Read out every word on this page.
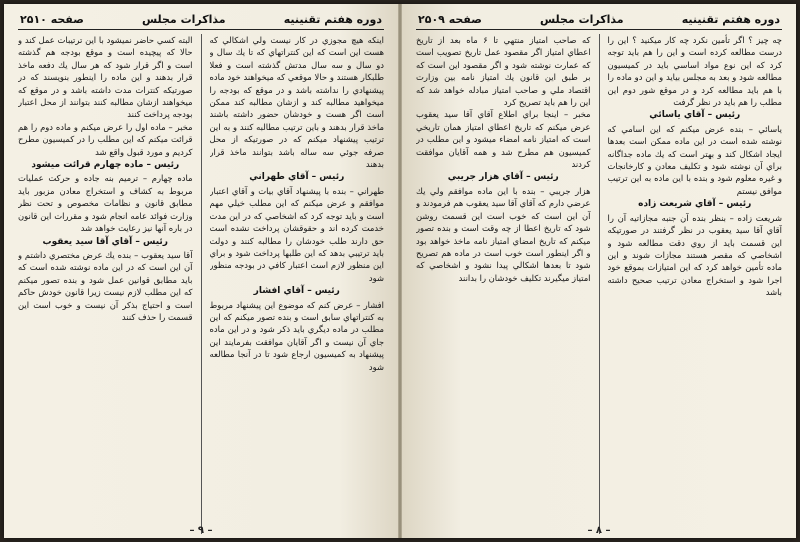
دوره هفتم تقنينيه
مذاكرات مجلس
صفحه ۲۵۱۰

اينكه هيچ مجوزي در كار نيست ولي اشكالي كه هست اين است كه اين كنتراتهاي كه تا يك سال و دو سال و سه سال مدتش گذشته است و فعلا طلبكار هستند و حالا موقعي كه ميخواهند خود ماده پيشنهادي را نداشته باشد و در موقع كه بودجه را ميخواهيد مطالبه كند و ازشان مطالبه كند ممكن است اگر هست و خودشان حضور داشته باشند ماخذ قرار بدهند و باين ترتيب مطالبه كنند و به اين ترتيب پيشنهاد ميكنم كه در صورتيكه از محل صرفه جوئي سه ساله باشد بتوانند ماخذ قرار بدهند

رئيس – آقاي طهراني

طهراني – بنده با پيشنهاد آقاي بيات و آقاي اعتبار موافقم و عرض ميكنم كه اين مطلب خيلي مهم است و بايد توجه كرد كه اشخاصي كه در اين مدت خدمت كرده اند و حقوقشان پرداخت نشده است حق دارند طلب خودشان را مطالبه كنند و دولت بايد ترتيبي بدهد كه اين طلبها پرداخت شود و براي اين منظور لازم است اعتبار كافي در بودجه منظور شود

رئيس – آقاي افشار

افشار – عرض كنم كه موضوع اين پيشنهاد مربوط به كنتراتهاي سابق است و بنده تصور ميكنم كه اين مطلب در ماده ديگري بايد ذكر شود و در اين ماده جاي آن نيست و اگر آقايان موافقت بفرمايند اين پيشنهاد به كميسيون ارجاع شود تا در آنجا مطالعه شود

البته كسي حاضر نميشود با اين ترتيبات عمل كند و حالا كه پيچيده است و موقع بودجه هم گذشته است و اگر قرار شود كه هر سال يك دفعه ماخذ قرار بدهند و اين ماده را اينطور بنويسند كه در صورتيكه كنترات مدت داشته باشد و در موقع كه ميخواهند ازشان مطالبه كنند بتوانند از محل اعتبار بودجه پرداخت كنند

مخبر – ماده اول را عرض ميكنم و ماده دوم را هم قرائت ميكنم كه اين مطلب را در كميسيون مطرح كرديم و مورد قبول واقع شد

رئيس – ماده چهارم قرائت ميشود

ماده چهارم – ترميم بنه جاده و حركت عمليات مربوط به كشاف و استخراج معادن مزبور بايد مطابق قانون و نظامات مخصوص و تحت نظر وزارت فوائد عامه انجام شود و مقررات اين قانون در باره آنها نيز رعايت خواهد شد

رئيس – آقاي آقا سيد يعقوب

آقا سيد يعقوب – بنده يك عرض مختصري داشتم و آن اين است كه در اين ماده نوشته شده است كه بايد مطابق قوانين عمل شود و بنده تصور ميكنم كه اين مطلب لازم نيست زيرا قانون خودش حاكم است و احتياج بذكر آن نيست و خوب است اين قسمت را حذف كنند

– ۹ –
دوره هفتم تقنينيه
مذاكرات مجلس
صفحه ۲۵۰۹

چه چيز ؟ اگر تأمين نكرد چه كار ميكنيد ؟ اين را درست مطالعه كرده است و اين را هم بايد توجه كرد كه اين نوع مواد اساسي بايد در كميسيون مطالعه شود و بعد به مجلس بيايد و اين دو ماده را با هم بايد مطالعه كرد و در موقع شور دوم اين مطلب را هم بايد در نظر گرفت

رئيس – آقاي ياسائي

ياسائي – بنده عرض ميكنم كه اين اسامي كه نوشته شده است در اين ماده ممكن است بعدها ايجاد اشكال كند و بهتر است كه يك ماده جداگانه براي آن نوشته شود و تكليف معادن و كارخانجات و غيره معلوم شود و بنده با اين ماده به اين ترتيب موافق نيستم

رئيس – آقاي شريعت زاده

شريعت زاده – بنظر بنده آن جنبه مجازاتيه آن را آقاي آقا سيد يعقوب در نظر گرفتند در صورتيكه اين قسمت بايد از روي دقت مطالعه شود و اشخاصي كه مقصر هستند مجازات شوند و اين ماده تأمين خواهد كرد كه اين امتيازات بموقع خود اجرا شود و استخراج معادن ترتيب صحيح داشته باشد

كه صاحب امتياز منتهي تا ۶ ماه بعد از تاريخ اعطاي امتياز اگر مقصود عمل تاريخ تصويب است كه عمارت نوشته شود و اگر مقصود اين است كه بر طبق اين قانون يك امتياز نامه بين وزارت اقتصاد ملي و صاحب امتياز مبادله خواهد شد كه اين را هم بايد تصريح كرد

مخبر – اينجا براي اطلاع آقاي آقا سيد يعقوب عرض ميكنم كه تاريخ اعطاي امتياز همان تاريخي است كه امتياز نامه امضاء ميشود و اين مطلب در كميسيون هم مطرح شد و همه آقايان موافقت كردند

رئيس – آقاي هزار جريبي

هزار جريبي – بنده با اين ماده موافقم ولي يك عرضي دارم كه آقاي آقا سيد يعقوب هم فرمودند و آن اين است كه خوب است اين قسمت روشن شود كه تاريخ اعطا از چه وقت است و بنده تصور ميكنم كه تاريخ امضاي امتياز نامه ماخذ خواهد بود و اگر اينطور است خوب است در ماده هم تصريح شود تا بعدها اشكالي پيدا نشود و اشخاصي كه امتياز ميگيرند تكليف خودشان را بدانند

– ۸ –
